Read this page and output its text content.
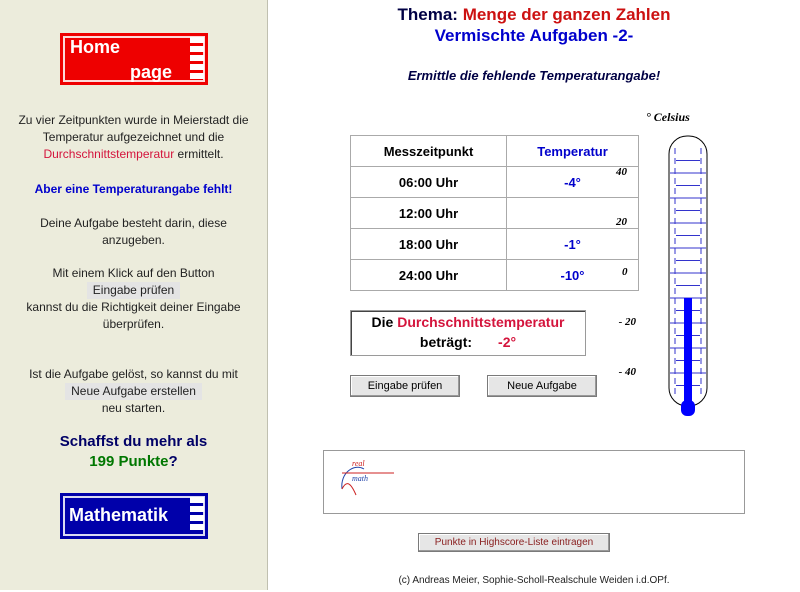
Home
page
Zu vier Zeitpunkten wurde in Meierstadt die
Temperatur aufgezeichnet und die
Durchschnittstemperatur ermittelt.
Aber eine Temperaturangabe fehlt!
Deine Aufgabe besteht darin, diese
anzugeben.
Mit einem Klick auf den Button
Eingabe prüfen
kannst du die Richtigkeit deiner Eingabe
überprüfen.
Ist die Aufgabe gelöst, so kannst du mit
Neue Aufgabe erstellen
neu starten.
Schaffst du mehr als
199 Punkte?
Mathematik
Thema: Menge der ganzen Zahlen
Vermischte Aufgaben -2-
Ermittle die fehlende Temperaturangabe!
Messzeitpunkt	Temperatur
06:00 Uhr	-4°
12:00 Uhr	
18:00 Uhr	-1°
24:00 Uhr	-10°
Die Durchschnittstemperatur
beträgt: -2°
Eingabe prüfen	Neue Aufgabe
real
math
Punkte in Highscore-Liste eintragen
(c) Andreas Meier, Sophie-Scholl-Realschule Weiden i.d.OPf.
° Celsius
40
20
0
- 20
- 40
